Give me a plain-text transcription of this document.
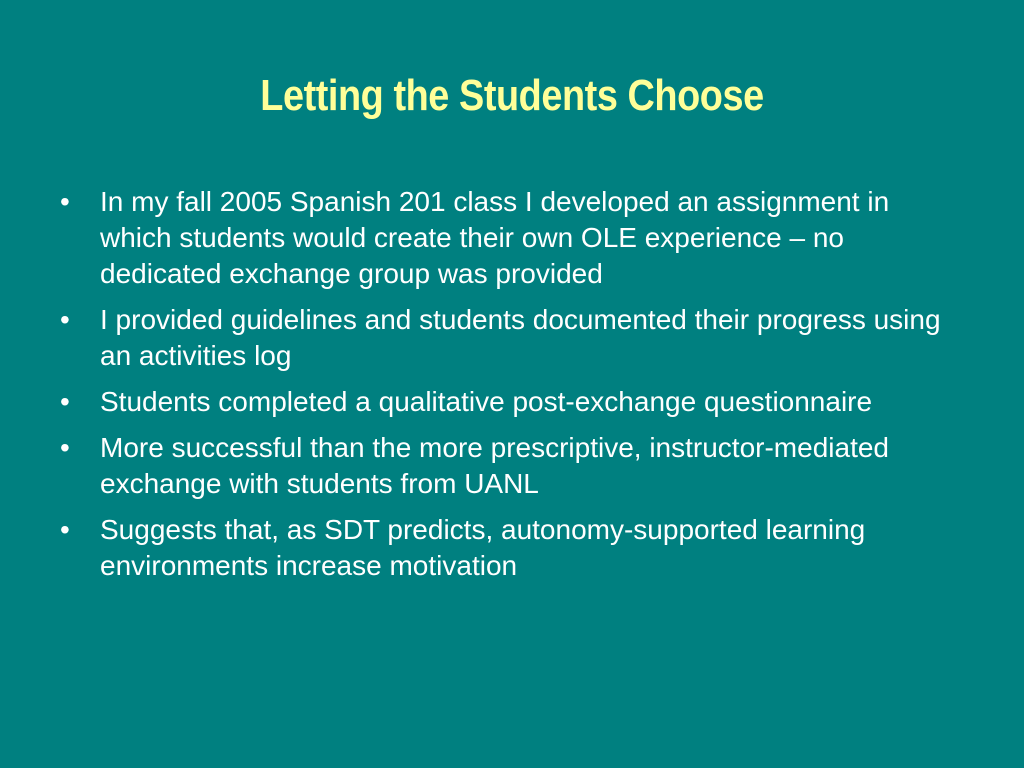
Letting the Students Choose
•	In my fall 2005 Spanish 201 class I developed an assignment in which students would create their own OLE experience – no dedicated exchange group was provided
•	I provided guidelines and students documented their progress using an activities log
•	Students completed a qualitative post-exchange questionnaire
•	More successful than the more prescriptive, instructor-mediated exchange with students from UANL
•	Suggests that, as SDT predicts, autonomy-supported learning environments increase motivation
